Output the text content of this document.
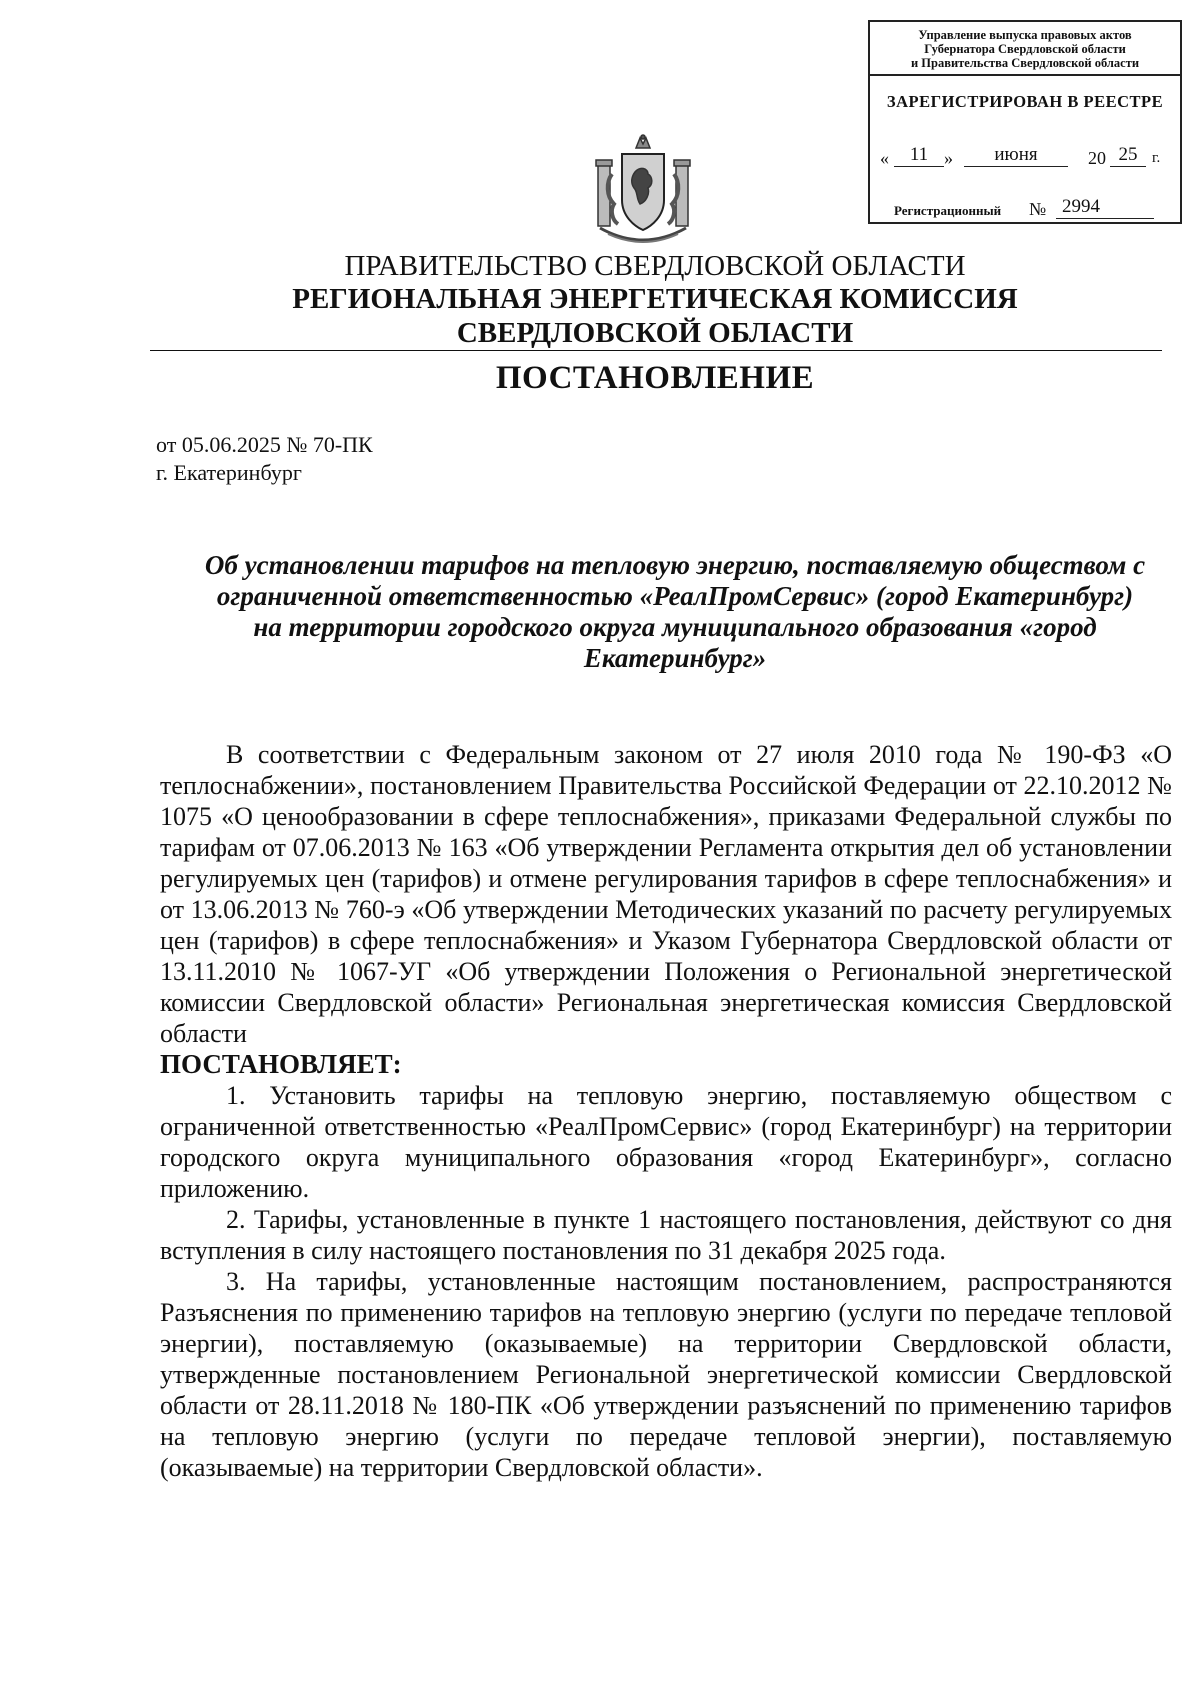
Управление выпуска правовых актов
Губернатора Свердловской области
и Правительства Свердловской области
ЗАРЕГИСТРИРОВАН В РЕЕСТРЕ
«	11 »	июня	20 25 г.
Регистрационный № 2994
ПРАВИТЕЛЬСТВО СВЕРДЛОВСКОЙ ОБЛАСТИ
РЕГИОНАЛЬНАЯ ЭНЕРГЕТИЧЕСКАЯ КОМИССИЯ
СВЕРДЛОВСКОЙ ОБЛАСТИ
ПОСТАНОВЛЕНИЕ
от 05.06.2025 № 70-ПК
г. Екатеринбург
Об установлении тарифов на тепловую энергию, поставляемую обществом с ограниченной ответственностью «РеалПромСервис» (город Екатеринбург) на территории городского округа муниципального образования «город Екатеринбург»

В соответствии с Федеральным законом от 27 июля 2010 года № 190-ФЗ «О теплоснабжении», постановлением Правительства Российской Федерации от 22.10.2012 № 1075 «О ценообразовании в сфере теплоснабжения», приказами Федеральной службы по тарифам от 07.06.2013 № 163 «Об утверждении Регламента открытия дел об установлении регулируемых цен (тарифов) и отмене регулирования тарифов в сфере теплоснабжения» и от 13.06.2013 № 760-э «Об утверждении Методических указаний по расчету регулируемых цен (тарифов) в сфере теплоснабжения» и Указом Губернатора Свердловской области от 13.11.2010 № 1067-УГ «Об утверждении Положения о Региональной энергетической комиссии Свердловской области» Региональная энергетическая комиссия Свердловской области

ПОСТАНОВЛЯЕТ:

1. Установить тарифы на тепловую энергию, поставляемую обществом с ограниченной ответственностью «РеалПромСервис» (город Екатеринбург) на территории городского округа муниципального образования «город Екатеринбург», согласно приложению.

2. Тарифы, установленные в пункте 1 настоящего постановления, действуют со дня вступления в силу настоящего постановления по 31 декабря 2025 года.

3. На тарифы, установленные настоящим постановлением, распространяются Разъяснения по применению тарифов на тепловую энергию (услуги по передаче тепловой энергии), поставляемую (оказываемые) на территории Свердловской области, утвержденные постановлением Региональной энергетической комиссии Свердловской области от 28.11.2018 № 180-ПК «Об утверждении разъяснений по применению тарифов на тепловую энергию (услуги по передаче тепловой энергии), поставляемую (оказываемые) на территории Свердловской области».
